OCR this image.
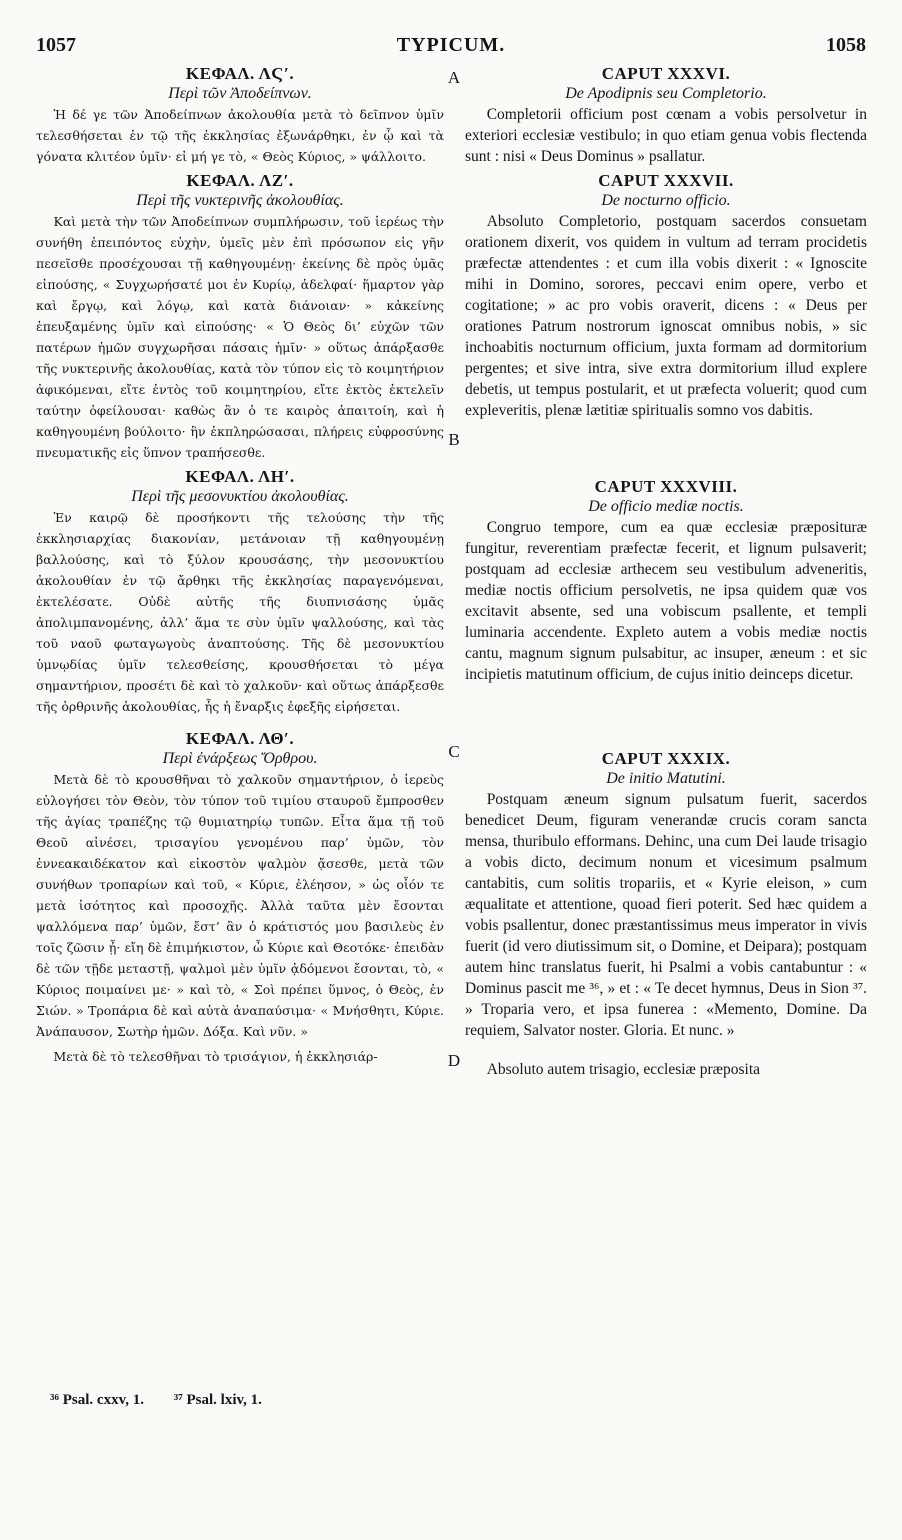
1057	TYPICUM.	1058
A
B
C
D
ΚΕΦΑΛ. ΛϚʹ.
Περὶ τῶν Ἀποδείπνων.

Ἡ δέ γε τῶν Ἀποδείπνων ἀκολουθία μετὰ τὸ δεῖπνον ὑμῖν τελεσθήσεται ἐν τῷ τῆς ἐκκλησίας ἐξωνάρθηκι, ἐν ᾧ καὶ τὰ γόνατα κλιτέον ὑμῖν· εἰ μή γε τὸ, « Θεὸς Κύριος, » ψάλλοιτο.

ΚΕΦΑΛ. ΛΖʹ.
Περὶ τῆς νυκτερινῆς ἀκολουθίας.

Καὶ μετὰ τὴν τῶν Ἀποδείπνων συμπλήρωσιν, τοῦ ἱερέως τὴν συνήθη ἐπειπόντος εὐχὴν, ὑμεῖς μὲν ἐπὶ πρόσωπον εἰς γῆν πεσεῖσθε προσέχουσαι τῇ καθηγουμένῃ· ἐκείνης δὲ πρὸς ὑμᾶς εἰπούσης, « Συγχωρήσατέ μοι ἐν Κυρίῳ, ἀδελφαί· ἥμαρτον γὰρ καὶ ἔργῳ, καὶ λόγῳ, καὶ κατὰ διάνοιαν· » κἀκείνης ἐπευξαμένης ὑμῖν καὶ εἰπούσης· « Ὁ Θεὸς δι’ εὐχῶν τῶν πατέρων ἡμῶν συγχωρῆσαι πάσαις ἡμῖν· » οὕτως ἀπάρξασθε τῆς νυκτερινῆς ἀκολουθίας, κατὰ τὸν τύπον εἰς τὸ κοιμητήριον ἀφικόμεναι, εἴτε ἐντὸς τοῦ κοιμητηρίου, εἴτε ἐκτὸς ἐκτελεῖν ταύτην ὀφείλουσαι· καθὼς ἂν ὁ τε καιρὸς ἀπαιτοίη, καὶ ἡ καθηγουμένη βούλοιτο· ἣν ἐκπληρώσασαι, πλήρεις εὐφροσύνης πνευματικῆς εἰς ὕπνον τραπήσεσθε.

ΚΕΦΑΛ. ΛΗʹ.
Περὶ τῆς μεσονυκτίου ἀκολουθίας.

Ἐν καιρῷ δὲ προσήκοντι τῆς τελούσης τὴν τῆς ἐκκλησιαρχίας διακονίαν, μετάνοιαν τῇ καθηγουμένῃ βαλλούσης, καὶ τὸ ξύλον κρουσάσης, τὴν μεσονυκτίου ἀκολουθίαν ἐν τῷ ἄρθηκι τῆς ἐκκλησίας παραγενόμεναι, ἐκτελέσατε. Οὐδὲ αὐτῆς τῆς διυπνισάσης ὑμᾶς ἀπολιμπανομένης, ἀλλ’ ἅμα τε σὺν ὑμῖν ψαλλούσης, καὶ τὰς τοῦ ναοῦ φωταγωγοὺς ἀναπτούσης. Τῆς δὲ μεσονυκτίου ὑμνῳδίας ὑμῖν τελεσθείσης, κρουσθήσεται τὸ μέγα σημαντήριον, προσέτι δὲ καὶ τὸ χαλκοῦν· καὶ οὕτως ἀπάρξεσθε τῆς ὀρθρινῆς ἀκολουθίας, ἧς ἡ ἔναρξις ἐφεξῆς εἰρήσεται.

ΚΕΦΑΛ. ΛΘʹ.
Περὶ ἐνάρξεως Ὄρθρου.

Μετὰ δὲ τὸ κρουσθῆναι τὸ χαλκοῦν σημαντήριον, ὁ ἱερεὺς εὐλογήσει τὸν Θεὸν, τὸν τύπον τοῦ τιμίου σταυροῦ ἔμπροσθεν τῆς ἁγίας τραπέζης τῷ θυμιατηρίῳ τυπῶν. Εἶτα ἅμα τῇ τοῦ Θεοῦ αἰνέσει, τρισαγίου γενομένου παρ’ ὑμῶν, τὸν ἐννεακαιδέκατον καὶ εἰκοστὸν ψαλμὸν ᾄσεσθε, μετὰ τῶν συνήθων τροπαρίων καὶ τοῦ, « Κύριε, ἐλέησον, » ὡς οἷόν τε μετὰ ἰσότητος καὶ προσοχῆς. Ἀλλὰ ταῦτα μὲν ἔσονται ψαλλόμενα παρ’ ὑμῶν, ἔστ’ ἂν ὁ κράτιστός μου βασιλεὺς ἐν τοῖς ζῶσιν ᾖ· εἴη δὲ ἐπιμήκιστον, ὦ Κύριε καὶ Θεοτόκε· ἐπειδὰν δὲ τῶν τῇδε μεταστῇ, ψαλμοὶ μὲν ὑμῖν ᾀδόμενοι ἔσονται, τὸ, « Κύριος ποιμαίνει με· » καὶ τὸ, « Σοὶ πρέπει ὕμνος, ὁ Θεὸς, ἐν Σιών. » Τροπάρια δὲ καὶ αὐτὰ ἀναπαύσιμα· « Μνήσθητι, Κύριε. Ἀνάπαυσον, Σωτὴρ ἡμῶν. Δόξα. Καὶ νῦν. »

Μετὰ δὲ τὸ τελεσθῆναι τὸ τρισάγιον, ἡ ἐκκλησιάρ-

CAPUT XXXVI.
De Apodipnis seu Completorio.

Completorii officium post cœnam a vobis persolvetur in exteriori ecclesiæ vestibulo; in quo etiam genua vobis flectenda sunt : nisi « Deus Dominus » psallatur.

CAPUT XXXVII.
De nocturno officio.

Absoluto Completorio, postquam sacerdos consuetam orationem dixerit, vos quidem in vultum ad terram procidetis præfectæ attendentes : et cum illa vobis dixerit : « Ignoscite mihi in Domino, sorores, peccavi enim opere, verbo et cogitatione; » ac pro vobis oraverit, dicens : « Deus per orationes Patrum nostrorum ignoscat omnibus nobis, » sic inchoabitis nocturnum officium, juxta formam ad dormitorium pergentes; et sive intra, sive extra dormitorium illud explere debetis, ut tempus postularit, et ut præfecta voluerit; quod cum expleveritis, plenæ lætitiæ spiritualis somno vos dabitis.

CAPUT XXXVIII.
De officio mediæ noctis.

Congruo tempore, cum ea quæ ecclesiæ præposituræ fungitur, reverentiam præfectæ fecerit, et lignum pulsaverit; postquam ad ecclesiæ arthecem seu vestibulum adveneritis, mediæ noctis officium persolvetis, ne ipsa quidem quæ vos excitavit absente, sed una vobiscum psallente, et templi luminaria accendente. Expleto autem a vobis mediæ noctis cantu, magnum signum pulsabitur, ac insuper, æneum : et sic incipietis matutinum officium, de cujus initio deinceps dicetur.

CAPUT XXXIX.
De initio Matutini.

Postquam æneum signum pulsatum fuerit, sacerdos benedicet Deum, figuram venerandæ crucis coram sancta mensa, thuribulo efformans. Dehinc, una cum Dei laude trisagio a vobis dicto, decimum nonum et vicesimum psalmum cantabitis, cum solitis tropariis, et « Kyrie eleison, » cum æqualitate et attentione, quoad fieri poterit. Sed hæc quidem a vobis psallentur, donec præstantissimus meus imperator in vivis fuerit (id vero diutissimum sit, o Domine, et Deipara); postquam autem hinc translatus fuerit, hi Psalmi a vobis cantabuntur : « Dominus pascit me ³⁶, » et : « Te decet hymnus, Deus in Sion ³⁷. » Troparia vero, et ipsa funerea : «Memento, Domine. Da requiem, Salvator noster. Gloria. Et nunc. »

Absoluto autem trisagio, ecclesiæ præposita

³⁶ Psal. cxxv, 1. ³⁷ Psal. lxiv, 1.
